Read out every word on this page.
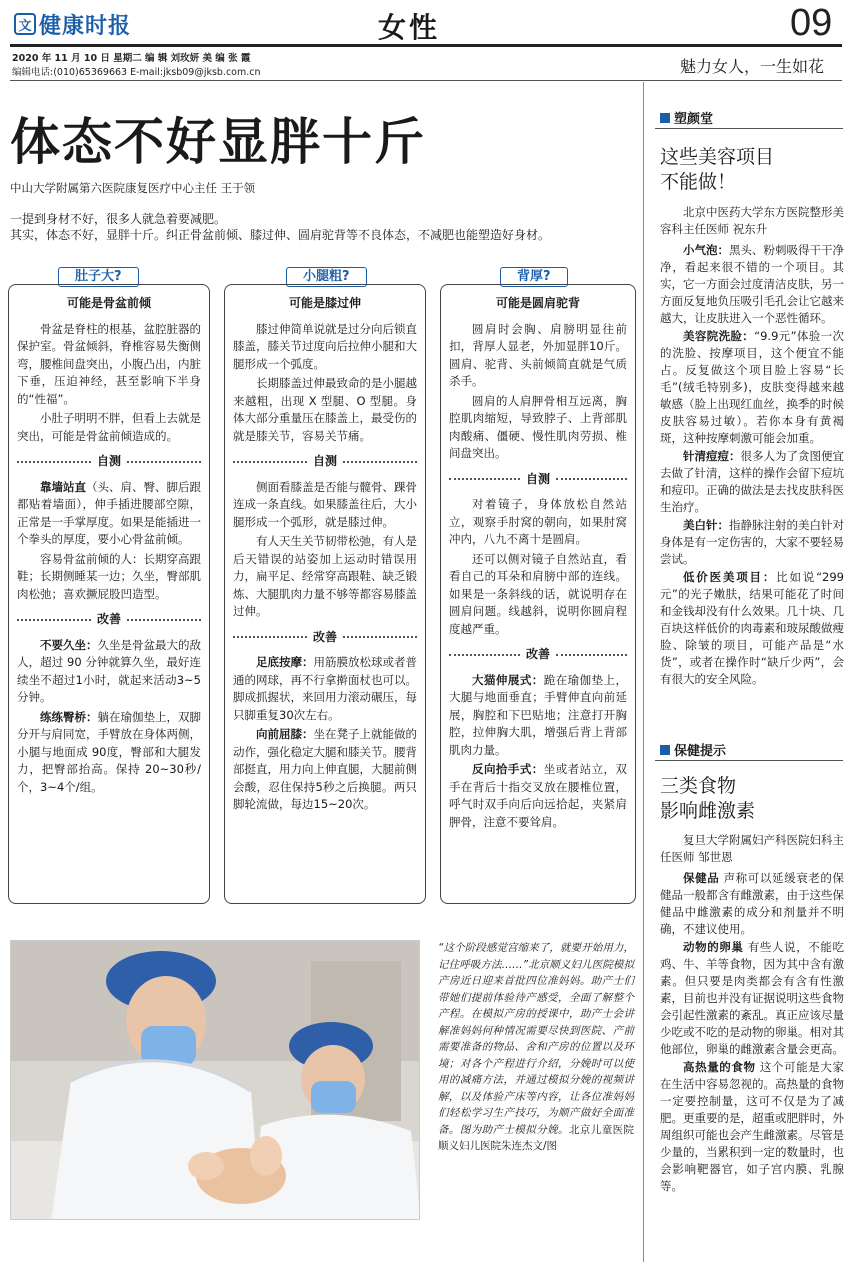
文 健康时报	女性	09
2020 年 11 月 10 日 星期二 编 辑 刘玫妍 美 编 张 霞
编辑电话:(010)65369663 E-mail:jksb09@jksb.com.cn	魅力女人，一生如花
体态不好显胖十斤
中山大学附属第六医院康复医疗中心主任 王于领
一提到身材不好，很多人就急着要减肥。
其实，体态不好，显胖十斤。纠正骨盆前倾、膝过伸、圆肩驼背等不良体态，不减肥也能塑造好身材。
肚子大?
可能是骨盆前倾

骨盆是脊柱的根基，盆腔脏器的保护室。骨盆倾斜，脊椎容易失衡侧弯，腰椎间盘突出，小腹凸出，内脏下垂，压迫神经，甚至影响下半身的“性福”。

小肚子明明不胖，但看上去就是突出，可能是骨盆前倾造成的。

自测

靠墙站直（头、肩、臀、脚后跟都贴着墙面），伸手插进腰部空隙，正常是一手掌厚度。如果是能插进一个拳头的厚度，要小心骨盆前倾。

容易骨盆前倾的人：长期穿高跟鞋；长期侧睡某一边；久坐，臀部肌肉松弛；喜欢撅屁股凹造型。

改善

不要久坐：久坐是骨盆最大的敌人，超过 90 分钟就算久坐，最好连续坐不超过1小时，就起来活动3~5分钟。

练练臀桥：躺在瑜伽垫上，双脚分开与肩同宽，手臂放在身体两侧，小腿与地面成 90度，臀部和大腿发力，把臀部抬高。保持 20~30秒/个，3~4个/组。

小腿粗?
可能是膝过伸

膝过伸简单说就是过分向后锁直膝盖，膝关节过度向后拉伸小腿和大腿形成一个弧度。

长期膝盖过伸最致命的是小腿越来越粗，出现 X 型腿、O 型腿。身体大部分重量压在膝盖上，最受伤的就是膝关节，容易关节痛。

自测

侧面看膝盖是否能与髋骨、踝骨连成一条直线。如果膝盖往后，大小腿形成一个弧形，就是膝过伸。

有人天生关节韧带松弛，有人是后天错误的站姿加上运动时错误用力，扁平足、经常穿高跟鞋、缺乏锻炼、大腿肌肉力量不够等都容易膝盖过伸。

改善

足底按摩：用筋膜放松球或者普通的网球，再不行拿擀面杖也可以。脚成抓握状，来回用力滚动碾压，每只脚重复30次左右。

向前屈膝：坐在凳子上就能做的动作，强化稳定大腿和膝关节。腰背部挺直，用力向上伸直腿，大腿前侧会酸，忍住保持5秒之后换腿。两只脚轮流做，每边15~20次。

背厚?
可能是圆肩驼背

圆肩时会胸、肩膀明显往前扣，背厚人显老，外加显胖10斤。圆肩、驼背、头前倾简直就是气质杀手。

圆肩的人肩胛骨相互远离，胸腔肌肉缩短，导致脖子、上背部肌肉酸痛、僵硬、慢性肌肉劳损、椎间盘突出。

自测

对着镜子，身体放松自然站立，观察手肘窝的朝向，如果肘窝冲内，八九不离十是圆肩。

还可以侧对镜子自然站直，看看自己的耳朵和肩膀中部的连线。如果是一条斜线的话，就说明存在圆肩问题。线越斜，说明你圆肩程度越严重。

改善

大猫伸展式：跪在瑜伽垫上，大腿与地面垂直；手臂伸直向前延展，胸腔和下巴贴地；注意打开胸腔，拉伸胸大肌，增强后背上背部肌肉力量。

反向拾手式：坐或者站立，双手在背后十指交叉放在腰椎位置，呼气时双手向后向远拾起，夹紧肩胛骨，注意不要耸肩。

“这个阶段感觉宫缩来了，就要开始用力，记住呼吸方法……”北京顺义妇儿医院模拟产房近日迎来首批四位准妈妈。助产士们带她们提前体验待产感受，全面了解整个产程。在模拟产房的授课中，助产士会讲解准妈妈何种情况需要尽快到医院、产前需要准备的物品、舍和产房的位置以及环境；对各个产程进行介绍，分娩时可以使用的减痛方法，并通过模拟分娩的视频讲解，以及体验产床等内容，让各位准妈妈们轻松学习生产技巧，为顺产做好全面准备。图为助产士模拟分娩。北京儿童医院顺义妇儿医院朱连杰文/图
塑颜堂
这些美容项目
不能做！

北京中医药大学东方医院整形美容科主任医师 祝东升

小气泡：黑头、粉刺吸得干干净净，看起来很不错的一个项目。其实，它一方面会过度清洁皮肤，另一方面反复地负压吸引毛孔会让它越来越大，让皮肤进入一个恶性循环。

美容院洗脸：“9.9元”体验一次的洗脸、按摩项目，这个便宜不能占。反复做这个项目脸上容易“长毛”(绒毛特别多)，皮肤变得越来越敏感（脸上出现红血丝，换季的时候皮肤容易过敏）。若你本身有黄褐斑，这种按摩刺激可能会加重。

针清痘痘：很多人为了贪图便宜去做了针清，这样的操作会留下痘坑和痘印。正确的做法是去找皮肤科医生治疗。

美白针：指静脉注射的美白针对身体是有一定伤害的，大家不要轻易尝试。

低价医美项目：比如说“299元”的光子嫩肤，结果可能花了时间和金钱却没有什么效果。几十块、几百块这样低价的肉毒素和玻尿酸做瘦脸、除皱的项目，可能产品是“水货”，或者在操作时“缺斤少两”，会有很大的安全风险。

保健提示
三类食物
影响雌激素

复旦大学附属妇产科医院妇科主任医师 邹世恩

保健品 声称可以延缓衰老的保健品一般都含有雌激素，由于这些保健品中雌激素的成分和剂量并不明确，不建议使用。

动物的卵巢 有些人说，不能吃鸡、牛、羊等食物，因为其中含有激素。但只要是肉类都会有含有性激素，目前也并没有证据说明这些食物会引起性激素的紊乱。真正应该尽量少吃或不吃的是动物的卵巢。相对其他部位，卵巢的雌激素含量会更高。

高热量的食物 这个可能是大家在生活中容易忽视的。高热量的食物一定要控制量，这可不仅是为了减肥。更重要的是，超重或肥胖时，外周组织可能也会产生雌激素。尽管是少量的，当累积到一定的数量时，也会影响靶器官，如子宫内膜、乳腺等。
